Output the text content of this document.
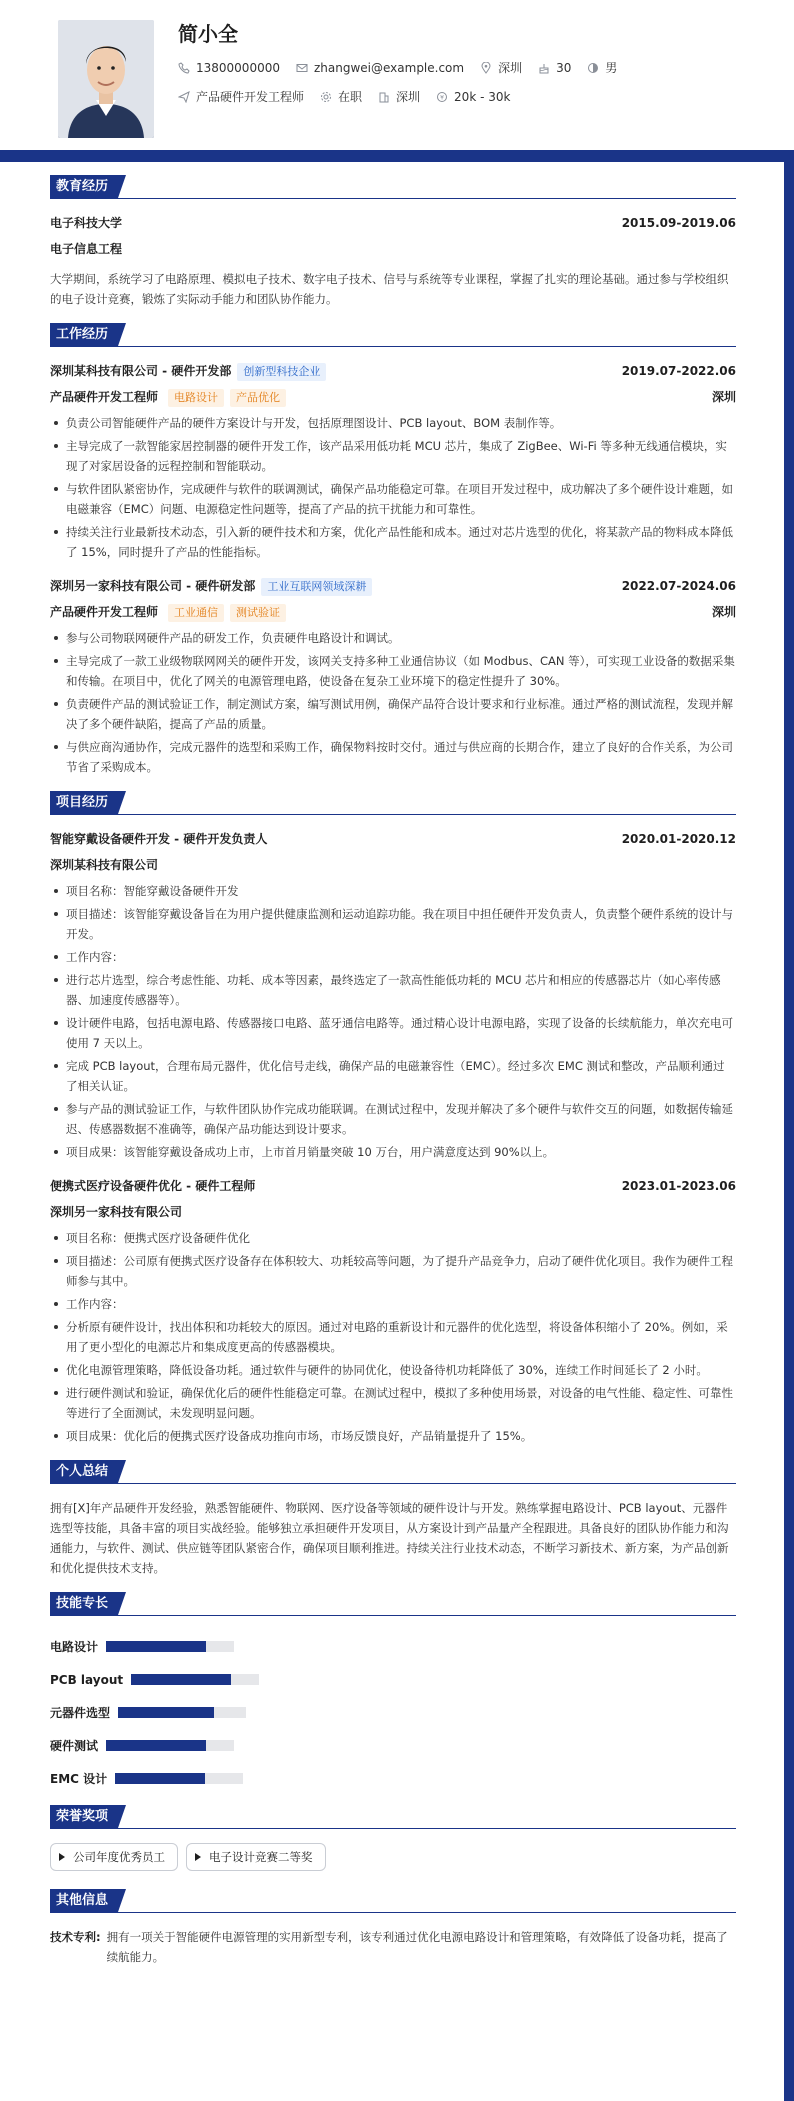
简小全
13800000000	zhangwei@example.com	深圳	30	男
产品硬件开发工程师	在职	深圳	¥ 20k - 30k
教育经历
电子科技大学	2015.09-2019.06
电子信息工程
大学期间，系统学习了电路原理、模拟电子技术、数字电子技术、信号与系统等专业课程，掌握了扎实的理论基础。通过参与学校组织的电子设计竞赛，锻炼了实际动手能力和团队协作能力。
工作经历
深圳某科技有限公司 - 硬件开发部 创新型科技企业	2019.07-2022.06
产品硬件开发工程师 电路设计 产品优化	深圳
负责公司智能硬件产品的硬件方案设计与开发，包括原理图设计、PCB layout、BOM 表制作等。
主导完成了一款智能家居控制器的硬件开发工作，该产品采用低功耗 MCU 芯片，集成了 ZigBee、Wi-Fi 等多种无线通信模块，实现了对家居设备的远程控制和智能联动。
与软件团队紧密协作，完成硬件与软件的联调测试，确保产品功能稳定可靠。在项目开发过程中，成功解决了多个硬件设计难题，如电磁兼容（EMC）问题、电源稳定性问题等，提高了产品的抗干扰能力和可靠性。
持续关注行业最新技术动态，引入新的硬件技术和方案，优化产品性能和成本。通过对芯片选型的优化，将某款产品的物料成本降低了 15%，同时提升了产品的性能指标。
深圳另一家科技有限公司 - 硬件研发部 工业互联网领域深耕	2022.07-2024.06
产品硬件开发工程师 工业通信 测试验证	深圳
参与公司物联网硬件产品的研发工作，负责硬件电路设计和调试。
主导完成了一款工业级物联网网关的硬件开发，该网关支持多种工业通信协议（如 Modbus、CAN 等），可实现工业设备的数据采集和传输。在项目中，优化了网关的电源管理电路，使设备在复杂工业环境下的稳定性提升了 30%。
负责硬件产品的测试验证工作，制定测试方案，编写测试用例，确保产品符合设计要求和行业标准。通过严格的测试流程，发现并解决了多个硬件缺陷，提高了产品的质量。
与供应商沟通协作，完成元器件的选型和采购工作，确保物料按时交付。通过与供应商的长期合作，建立了良好的合作关系，为公司节省了采购成本。
项目经历
智能穿戴设备硬件开发 - 硬件开发负责人	2020.01-2020.12
深圳某科技有限公司
项目名称：智能穿戴设备硬件开发
项目描述：该智能穿戴设备旨在为用户提供健康监测和运动追踪功能。我在项目中担任硬件开发负责人，负责整个硬件系统的设计与开发。
工作内容：
进行芯片选型，综合考虑性能、功耗、成本等因素，最终选定了一款高性能低功耗的 MCU 芯片和相应的传感器芯片（如心率传感器、加速度传感器等）。
设计硬件电路，包括电源电路、传感器接口电路、蓝牙通信电路等。通过精心设计电源电路，实现了设备的长续航能力，单次充电可使用 7 天以上。
完成 PCB layout，合理布局元器件，优化信号走线，确保产品的电磁兼容性（EMC）。经过多次 EMC 测试和整改，产品顺利通过了相关认证。
参与产品的测试验证工作，与软件团队协作完成功能联调。在测试过程中，发现并解决了多个硬件与软件交互的问题，如数据传输延迟、传感器数据不准确等，确保产品功能达到设计要求。
项目成果：该智能穿戴设备成功上市，上市首月销量突破 10 万台，用户满意度达到 90%以上。
便携式医疗设备硬件优化 - 硬件工程师	2023.01-2023.06
深圳另一家科技有限公司
项目名称：便携式医疗设备硬件优化
项目描述：公司原有便携式医疗设备存在体积较大、功耗较高等问题，为了提升产品竞争力，启动了硬件优化项目。我作为硬件工程师参与其中。
工作内容：
分析原有硬件设计，找出体积和功耗较大的原因。通过对电路的重新设计和元器件的优化选型，将设备体积缩小了 20%。例如，采用了更小型化的电源芯片和集成度更高的传感器模块。
优化电源管理策略，降低设备功耗。通过软件与硬件的协同优化，使设备待机功耗降低了 30%，连续工作时间延长了 2 小时。
进行硬件测试和验证，确保优化后的硬件性能稳定可靠。在测试过程中，模拟了多种使用场景，对设备的电气性能、稳定性、可靠性等进行了全面测试，未发现明显问题。
项目成果：优化后的便携式医疗设备成功推向市场，市场反馈良好，产品销量提升了 15%。
个人总结
拥有[X]年产品硬件开发经验，熟悉智能硬件、物联网、医疗设备等领域的硬件设计与开发。熟练掌握电路设计、PCB layout、元器件选型等技能，具备丰富的项目实战经验。能够独立承担硬件开发项目，从方案设计到产品量产全程跟进。具备良好的团队协作能力和沟通能力，与软件、测试、供应链等团队紧密合作，确保项目顺利推进。持续关注行业技术动态，不断学习新技术、新方案，为产品创新和优化提供技术支持。
技能专长
电路设计
PCB layout
元器件选型
硬件测试
EMC 设计
荣誉奖项
公司年度优秀员工	电子设计竞赛二等奖
其他信息
技术专利: 拥有一项关于智能硬件电源管理的实用新型专利，该专利通过优化电源电路设计和管理策略，有效降低了设备功耗，提高了续航能力。
